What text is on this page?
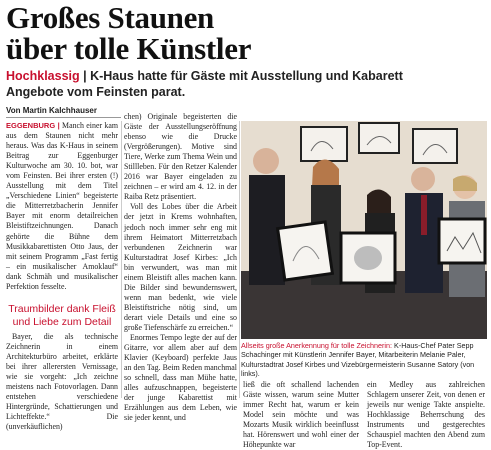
Großes Staunen
über tolle Künstler
Hochklassig | K-Haus hatte für Gäste mit Ausstellung und Kabarett Angebote vom Feinsten parat.
Von Martin Kalchhauser

EGGENBURG | Manch einer kam aus dem Staunen nicht mehr heraus. Was das K-Haus in seinem Beitrag zur Eggenburger Kulturwoche am 30. 10. bot, war vom Feinsten. Bei ihrer ersten (!) Ausstellung mit dem Titel „Verschiedene Linien“ begeisterte die Mitterretzbacherin Jennifer Bayer mit enorm detailreichen Bleistiftzeichnungen. Danach gehörte die Bühne dem Musikkabarettisten Otto Jaus, der mit seinem Programm „Fast fertig – ein musikalischer Amoklauf“ dank Schmäh und musikalischer Perfektion fesselte.

Traumbilder dank Fleiß und Liebe zum Detail

Bayer, die als technische Zeichnerin in einem Architekturbüro arbeitet, erklärte bei ihrer allerersten Vernissage, wie sie vorgeht: „Ich zeichne meistens nach Fotovorlagen. Dann entstehen verschiedene Hintergründe, Schattierungen und Lichteffekte.“ Die (unverkäuflichen)

chen) Originale begeisterten die Gäste der Ausstellungseröffnung ebenso wie die Drucke (Vergrößerungen). Motive sind Tiere, Werke zum Thema Wein und Stillleben. Für den Retzer Kalender 2016 war Bayer eingeladen zu zeichnen – er wird am 4. 12. in der Raiba Retz präsentiert.

Voll des Lobes über die Arbeit der jetzt in Krems wohnhaften, jedoch noch immer sehr eng mit ihrem Heimatort Mitterretzbach verbundenen Zeichnerin war Kulturstadtrat Josef Kirbes: „Ich bin verwundert, was man mit einem Bleistift alles machen kann. Die Bilder sind bewundernswert, wenn man bedenkt, wie viele Bleistiftstriche nötig sind, um derart viele Details und eine so große Tiefenschärfe zu erreichen.“

Enormes Tempo legte der auf der Gitarre, vor allem aber auf dem Klavier (Keyboard) perfekte Jaus an den Tag. Beim Reden manchmal so schnell, dass man Mühe hatte, alles aufzuschnappen, begeisterte der junge Kabarettist mit Erzählungen aus dem Leben, wie sie jeder kennt, und

Allseits große Anerkennung für tolle Zeichnerin: K-Haus-Chef Pater Sepp Schachinger mit Künstlerin Jennifer Bayer, Mitarbeiterin Melanie Paler, Kulturstadtrat Josef Kirbes und Vizebürgermeisterin Susanne Satory (von links).

ließ die oft schallend lachenden Gäste wissen, warum seine Mutter immer Recht hat, warum er kein Model sein möchte und was Mozarts Musik wirklich beeinflusst hat. Hörenswert und wohl einer der Höhepunkte war

ein Medley aus zahlreichen Schlagern unserer Zeit, von denen er jeweils nur wenige Takte anspielte. Hochklassige Beherrschung des Instruments und gestgerechtes Schauspiel machten den Abend zum Top-Event.
